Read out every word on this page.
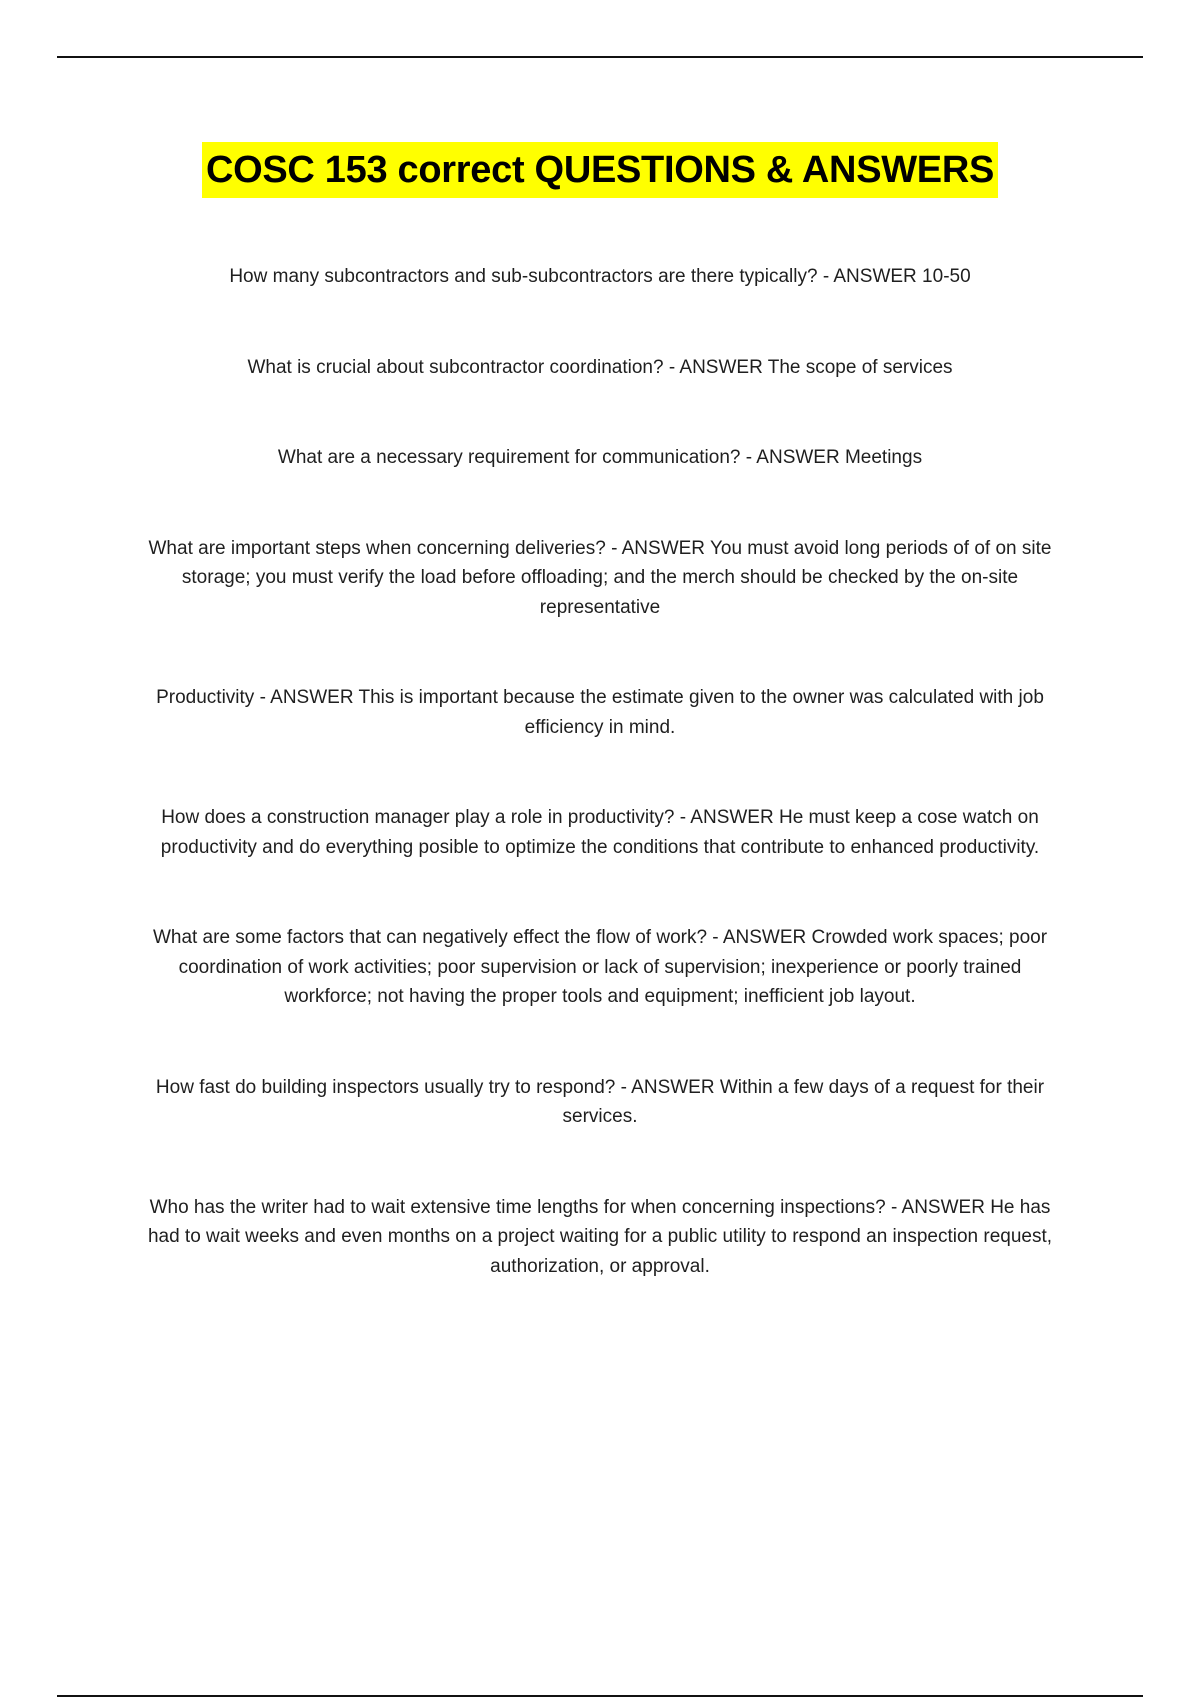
COSC 153 correct QUESTIONS & ANSWERS

How many subcontractors and sub-subcontractors are there typically? - ANSWER 10-50

What is crucial about subcontractor coordination? - ANSWER The scope of services

What are a necessary requirement for communication? - ANSWER Meetings

What are important steps when concerning deliveries? - ANSWER You must avoid long periods of of on site storage; you must verify the load before offloading; and the merch should be checked by the on-site representative

Productivity - ANSWER This is important because the estimate given to the owner was calculated with job efficiency in mind.

How does a construction manager play a role in productivity? - ANSWER He must keep a cose watch on productivity and do everything posible to optimize the conditions that contribute to enhanced productivity.

What are some factors that can negatively effect the flow of work? - ANSWER Crowded work spaces; poor coordination of work activities; poor supervision or lack of supervision; inexperience or poorly trained workforce; not having the proper tools and equipment; inefficient job layout.

How fast do building inspectors usually try to respond? - ANSWER Within a few days of a request for their services.

Who has the writer had to wait extensive time lengths for when concerning inspections? - ANSWER He has had to wait weeks and even months on a project waiting for a public utility to respond an inspection request, authorization, or approval.
